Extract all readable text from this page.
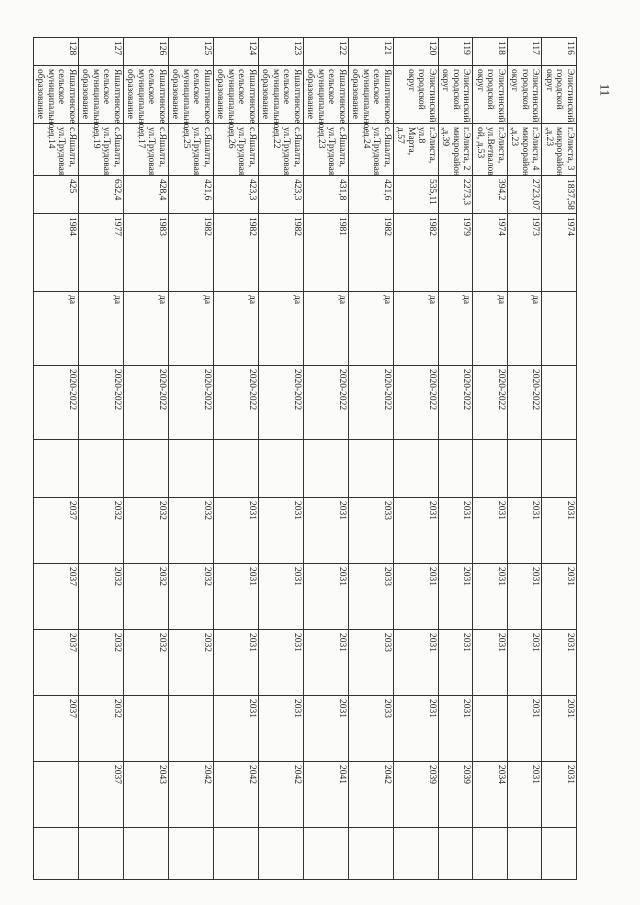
11
116	Элистинский городской округ	г.Элиста, 3 микрорайон ,д.23	1837,58	1974				2031	2031	2031	2031	2031	
117	Элистинский городской округ	г.Элиста, 4 микрорайон ,д.23	2723,07	1973	да	2020-2022		2031	2031	2031	2031	2031	
118	Элистинский городской округ	г.Элиста, ул.Ветвалов ой, д.53	394,2	1974	да	2020-2022		2031	2031	2031		2034	
119	Элистинский городской округ	г.Элиста, 2 микрорайон ,д.39	2273,3	1979	да	2020-2022		2031	2031	2031	2031	2039	
120	Элистинский городской округ	г.Элиста, ул.8 Марта, д.57	535,11	1982	да	2020-2022		2031	2031	2031	2031	2039	
121	Яшалтинское сельское муниципальное образование	с.Яшалта, ул.Трудовая , д.24	421,6	1982	да	2020-2022		2033	2033	2033	2033	2042	
122	Яшалтинское сельское муниципальное образование	с.Яшалта, ул.Трудовая , д.23	431,8	1981	да	2020-2022		2031	2031	2031	2031	2041	
123	Яшалтинское сельское муниципальное образование	с.Яшалта, ул.Трудовая , д.22	423,3	1982	да	2020-2022		2031	2031	2031	2031	2042	
124	Яшалтинское сельское муниципальное образование	с.Яшалта, ул.Трудовая , д.26	423,3	1982	да	2020-2022		2031	2031	2031	2031	2042	
125	Яшалтинское сельское муниципальное образование	с.Яшалта, ул.Трудовая , д.25	421,6	1982	да	2020-2022		2032	2032	2032		2042	
126	Яшалтинское сельское муниципальное образование	с.Яшалта, ул.Трудовая , д.17	428,4	1983	да	2020-2022		2032	2032	2032		2043	
127	Яшалтинское сельское муниципальное образование	с.Яшалта, ул.Трудовая , д.19	632,4	1977	да	2020-2022		2032	2032	2032	2032	2037	
128	Яшалтинское сельское муниципальное образование	с.Яшалта, ул.Трудовая , д.14	425	1984	да	2020-2022		2037	2037	2037	2037		
